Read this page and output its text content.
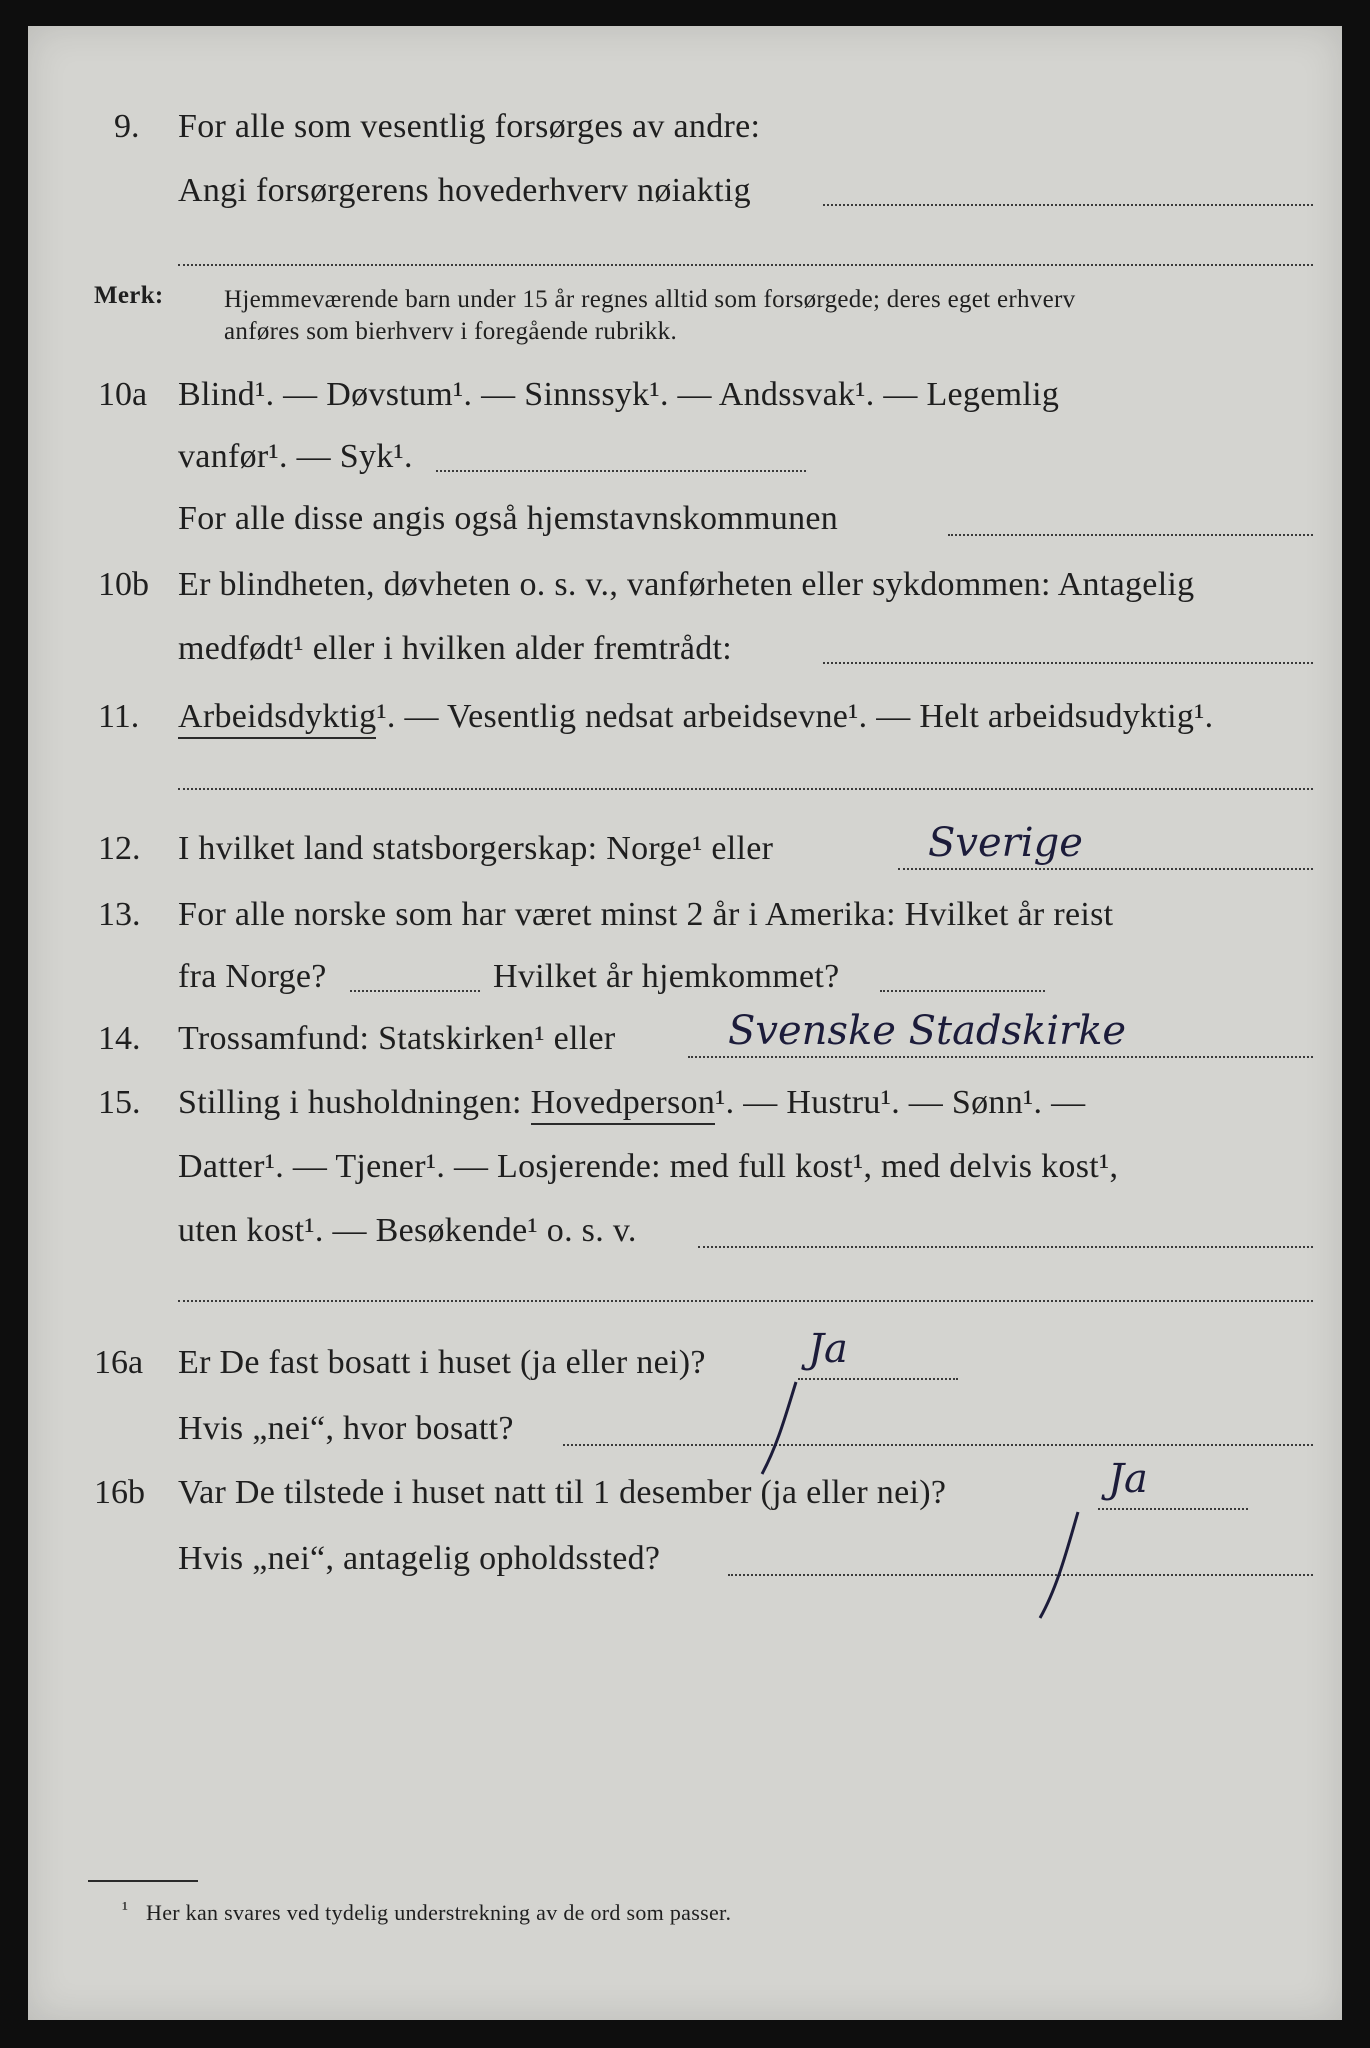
9. For alle som vesentlig forsørges av andre:
Angi forsørgerens hovederhverv nøiaktig
Merk: Hjemmeværende barn under 15 år regnes alltid som forsørgede; deres eget erhverv
anføres som bierhverv i foregående rubrikk.
10a Blind¹. — Døvstum¹. — Sinnssyk¹. — Andssvak¹. — Legemlig
vanfør¹. — Syk¹.
For alle disse angis også hjemstavnskommunen
10b Er blindheten, døvheten o. s. v., vanførheten eller sykdommen: Antagelig
medfødt¹ eller i hvilken alder fremtrådt:
11. Arbeidsdyktig¹. — Vesentlig nedsat arbeidsevne¹. — Helt arbeidsudyktig¹.
12. I hvilket land statsborgerskap: Norge¹ eller	Sverige
13. For alle norske som har været minst 2 år i Amerika: Hvilket år reist
fra Norge?	Hvilket år hjemkommet?
14. Trossamfund: Statskirken¹ eller	Svenske Stadskirke
15. Stilling i husholdningen: Hovedperson¹. — Hustru¹. — Sønn¹. —
Datter¹. — Tjener¹. — Losjerende: med full kost¹, med delvis kost¹,
uten kost¹. — Besøkende¹ o. s. v.
16a Er De fast bosatt i huset (ja eller nei)?	Ja
Hvis „nei“, hvor bosatt?
16b Var De tilstede i huset natt til 1 desember (ja eller nei)?	Ja
Hvis „nei“, antagelig opholdssted?
¹ Her kan svares ved tydelig understrekning av de ord som passer.
